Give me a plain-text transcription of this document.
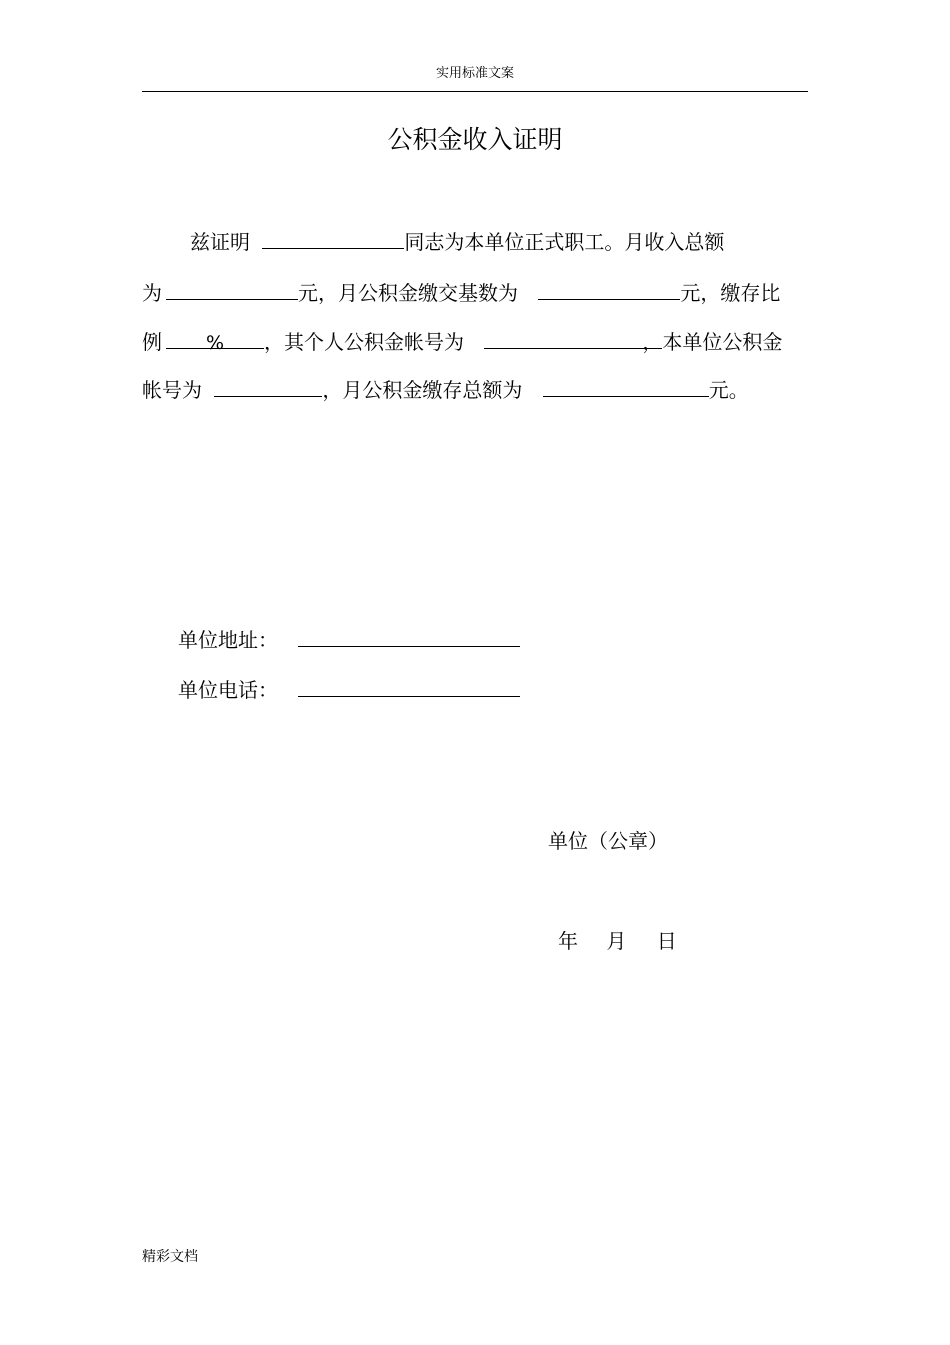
实用标准文案
公积金收入证明
兹证明	同志为本单位正式职工。月收入总额
为	元，月公积金缴交基数为	元，缴存比
例 % ，其个人公积金帐号为	， 本单位公积金
帐号为	，月公积金缴存总额为	元。
单位地址：
单位电话：
单位（公章）
年 月 日
精彩文档
